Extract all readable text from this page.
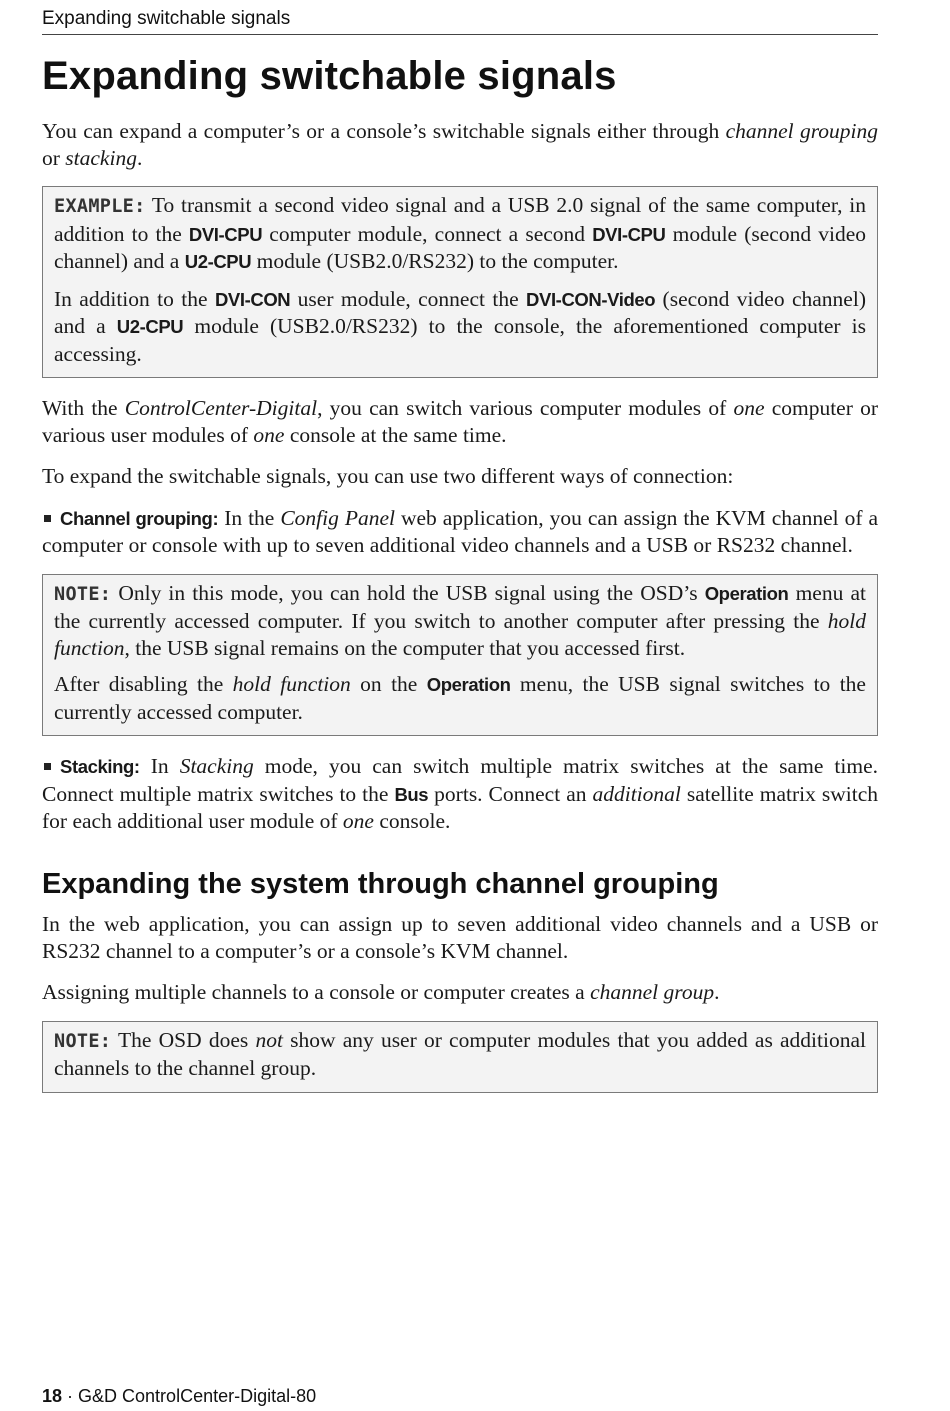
Expanding switchable signals
Expanding switchable signals

You can expand a computer’s or a console’s switchable signals either through channel grouping or stacking.

EXAMPLE: To transmit a second video signal and a USB 2.0 signal of the same computer, in addition to the DVI-CPU computer module, connect a second DVI-CPU module (second video channel) and a U2-CPU module (USB2.0/RS232) to the computer.

In addition to the DVI-CON user module, connect the DVI-CON-Video (second video channel) and a U2-CPU module (USB2.0/RS232) to the console, the aforementioned computer is accessing.

With the ControlCenter-Digital, you can switch various computer modules of one computer or various user modules of one console at the same time.

To expand the switchable signals, you can use two different ways of connection:

Channel grouping: In the Config Panel web application, you can assign the KVM channel of a computer or console with up to seven additional video channels and a USB or RS232 channel.

NOTE: Only in this mode, you can hold the USB signal using the OSD’s Operation menu at the currently accessed computer. If you switch to another computer after pressing the hold function, the USB signal remains on the computer that you accessed first.

After disabling the hold function on the Operation menu, the USB signal switches to the currently accessed computer.

Stacking: In Stacking mode, you can switch multiple matrix switches at the same time. Connect multiple matrix switches to the Bus ports. Connect an additional satellite matrix switch for each additional user module of one console.

Expanding the system through channel grouping

In the web application, you can assign up to seven additional video channels and a USB or RS232 channel to a computer’s or a console’s KVM channel.

Assigning multiple channels to a console or computer creates a channel group.

NOTE: The OSD does not show any user or computer modules that you added as additional channels to the channel group.

18 · G&D ControlCenter-Digital-80
